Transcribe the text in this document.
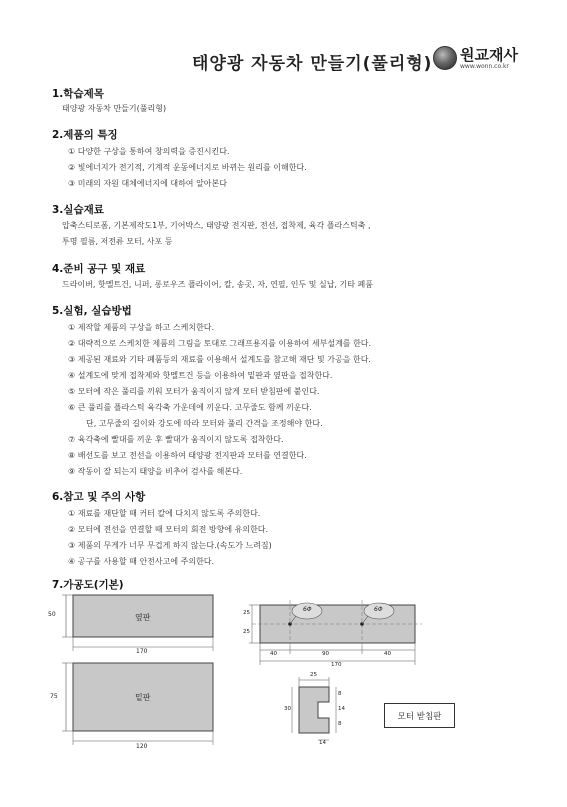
태양광 자동차 만들기(풀리형) 원교재사
www.wonn.co.kr
1.학습제목
태양광 자동차 만들기(풀리형)
2.제품의 특징
① 다양한 구상을 통하여 창의력을 증진시킨다.
② 빛에너지가 전기적, 기계적 운동에너지로 바뀌는 원리를 이해한다.
③ 미래의 자원 대체에너지에 대하여 알아본다
3.실습재료
압축스티로폼, 기본제작도1부, 기어박스, 태양광 전지판, 전선, 접착제, 육각 플라스틱축 ,
투명 필름, 저전류 모터, 사포 등
4.준비 공구 및 재료
드라이버, 핫멜트건, 니퍼, 롱로우즈 플라이어, 칼, 송곳, 자, 연필, 인두 및 실납, 기타 폐품
5.실험, 실습방법
① 제작할 제품의 구상을 하고 스케치한다.
② 대략적으로 스케치한 제품의 그림을 토대로 그래프용지를 이용하여 세부설계를 한다.
③ 제공된 재료와 기타 폐품등의 재료를 이용해서 설계도를 참고해 재단 및 가공을 한다.
④ 설계도에 맞게 접착제와 핫멜트건 등을 이용하여 밑판과 옆판을 접착한다.
⑤ 모터에 작은 풀리를 끼워 모터가 움직이지 않게 모터 받침판에 붙인다.
⑥ 큰 풀리를 플라스틱 육각축 가운데에 끼운다. 고무줄도 함께 끼운다.
단, 고무줄의 길이와 강도에 따라 모터와 풀리 간격을 조정해야 한다.
⑦ 육각축에 빨대를 끼운 후 빨대가 움직이지 않도록 접착한다.
⑧ 배선도를 보고 전선을 이용하여 태양광 전지판과 모터를 연결한다.
⑨ 작동이 잘 되는지 태양을 비추어 검사를 해본다.
6.참고 및 주의 사항
① 재료를 재단할 때 커터 칼에 다치지 않도록 주의한다.
② 모터에 전선을 연결할 때 모터의 회전 방향에 유의한다.
③ 제품의 무게가 너무 무겁게 하지 않는다.(속도가 느려짐)
④ 공구를 사용할 때 안전사고에 주의한다.
7.가공도(기본)
옆판
50
170
밑판
75
120
6Φ	6Φ
25
25
40	90	40
170
25
30
8
14
8
14
모터 받침판
